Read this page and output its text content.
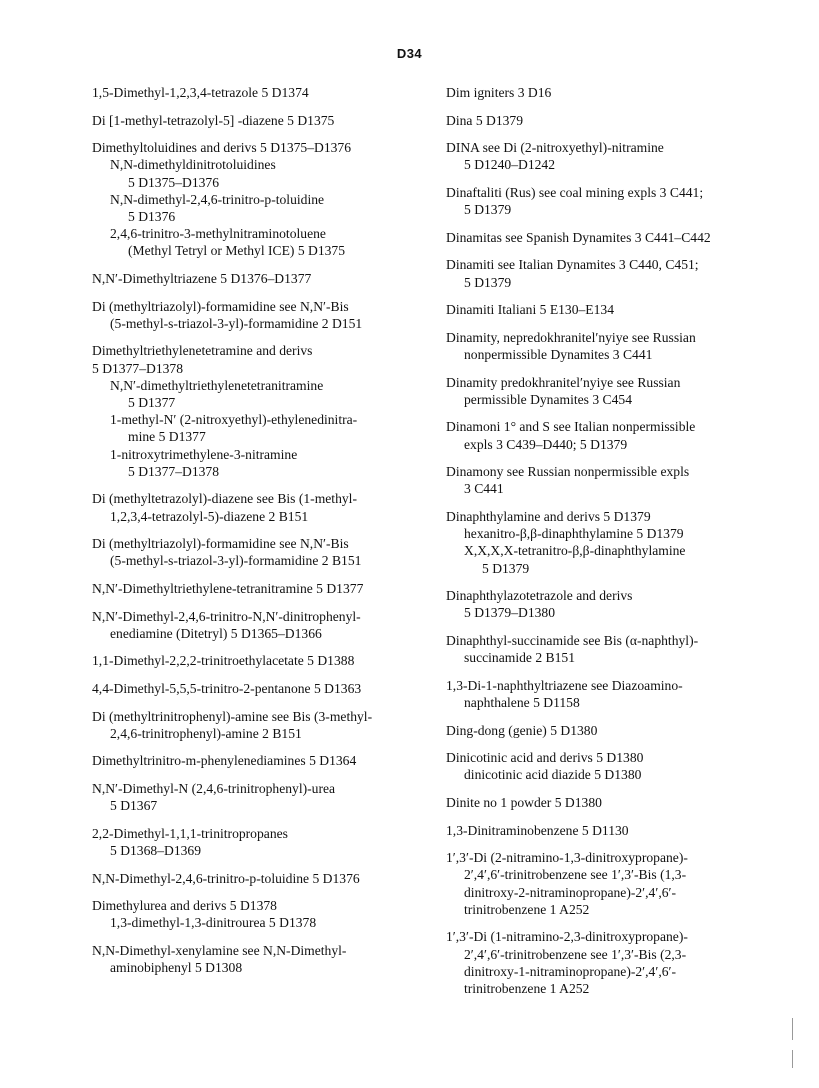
D34
1,5-Dimethyl-1,2,3,4-tetrazole 5 D1374
Di [1-methyl-tetrazolyl-5] -diazene 5 D1375
Dimethyltoluidines and derivs 5 D1375–D1376
N,N-dimethyldinitrotoluidines
5 D1375–D1376
N,N-dimethyl-2,4,6-trinitro-p-toluidine
5 D1376
2,4,6-trinitro-3-methylnitraminotoluene
(Methyl Tetryl or Methyl ICE) 5 D1375
N,N′-Dimethyltriazene 5 D1376–D1377
Di (methyltriazolyl)-formamidine see N,N′-Bis
(5-methyl-s-triazol-3-yl)-formamidine 2 D151
Dimethyltriethylenetetramine and derivs
5 D1377–D1378
N,N′-dimethyltriethylenetetranitramine
5 D1377
1-methyl-N′ (2-nitroxyethyl)-ethylenedinitra-
mine 5 D1377
1-nitroxytrimethylene-3-nitramine
5 D1377–D1378
Di (methyltetrazolyl)-diazene see Bis (1-methyl-
1,2,3,4-tetrazolyl-5)-diazene 2 B151
Di (methyltriazolyl)-formamidine see N,N′-Bis
(5-methyl-s-triazol-3-yl)-formamidine 2 B151
N,N′-Dimethyltriethylene-tetranitramine 5 D1377
N,N′-Dimethyl-2,4,6-trinitro-N,N′-dinitrophenyl-
enediamine (Ditetryl) 5 D1365–D1366
1,1-Dimethyl-2,2,2-trinitroethylacetate 5 D1388
4,4-Dimethyl-5,5,5-trinitro-2-pentanone 5 D1363
Di (methyltrinitrophenyl)-amine see Bis (3-methyl-
2,4,6-trinitrophenyl)-amine 2 B151
Dimethyltrinitro-m-phenylenediamines 5 D1364
N,N′-Dimethyl-N (2,4,6-trinitrophenyl)-urea
5 D1367
2,2-Dimethyl-1,1,1-trinitropropanes
5 D1368–D1369
N,N-Dimethyl-2,4,6-trinitro-p-toluidine 5 D1376
Dimethylurea and derivs 5 D1378
1,3-dimethyl-1,3-dinitrourea 5 D1378
N,N-Dimethyl-xenylamine see N,N-Dimethyl-
aminobiphenyl 5 D1308
Dim igniters 3 D16
Dina 5 D1379
DINA see Di (2-nitroxyethyl)-nitramine
5 D1240–D1242
Dinaftaliti (Rus) see coal mining expls 3 C441;
5 D1379
Dinamitas see Spanish Dynamites 3 C441–C442
Dinamiti see Italian Dynamites 3 C440, C451;
5 D1379
Dinamiti Italiani 5 E130–E134
Dinamity, nepredokhranitel′nyiye see Russian
nonpermissible Dynamites 3 C441
Dinamity predokhranitel′nyiye see Russian
permissible Dynamites 3 C454
Dinamoni 1° and S see Italian nonpermissible
expls 3 C439–D440; 5 D1379
Dinamony see Russian nonpermissible expls
3 C441
Dinaphthylamine and derivs 5 D1379
hexanitro-β,β-dinaphthylamine 5 D1379
X,X,X,X-tetranitro-β,β-dinaphthylamine
5 D1379
Dinaphthylazotetrazole and derivs
5 D1379–D1380
Dinaphthyl-succinamide see Bis (α-naphthyl)-
succinamide 2 B151
1,3-Di-1-naphthyltriazene see Diazoamino-
naphthalene 5 D1158
Ding-dong (genie) 5 D1380
Dinicotinic acid and derivs 5 D1380
dinicotinic acid diazide 5 D1380
Dinite no 1 powder 5 D1380
1,3-Dinitraminobenzene 5 D1130
1′,3′-Di (2-nitramino-1,3-dinitroxypropane)-
2′,4′,6′-trinitrobenzene see 1′,3′-Bis (1,3-
dinitroxy-2-nitraminopropane)-2′,4′,6′-
trinitrobenzene 1 A252
1′,3′-Di (1-nitramino-2,3-dinitroxypropane)-
2′,4′,6′-trinitrobenzene see 1′,3′-Bis (2,3-
dinitroxy-1-nitraminopropane)-2′,4′,6′-
trinitrobenzene 1 A252
